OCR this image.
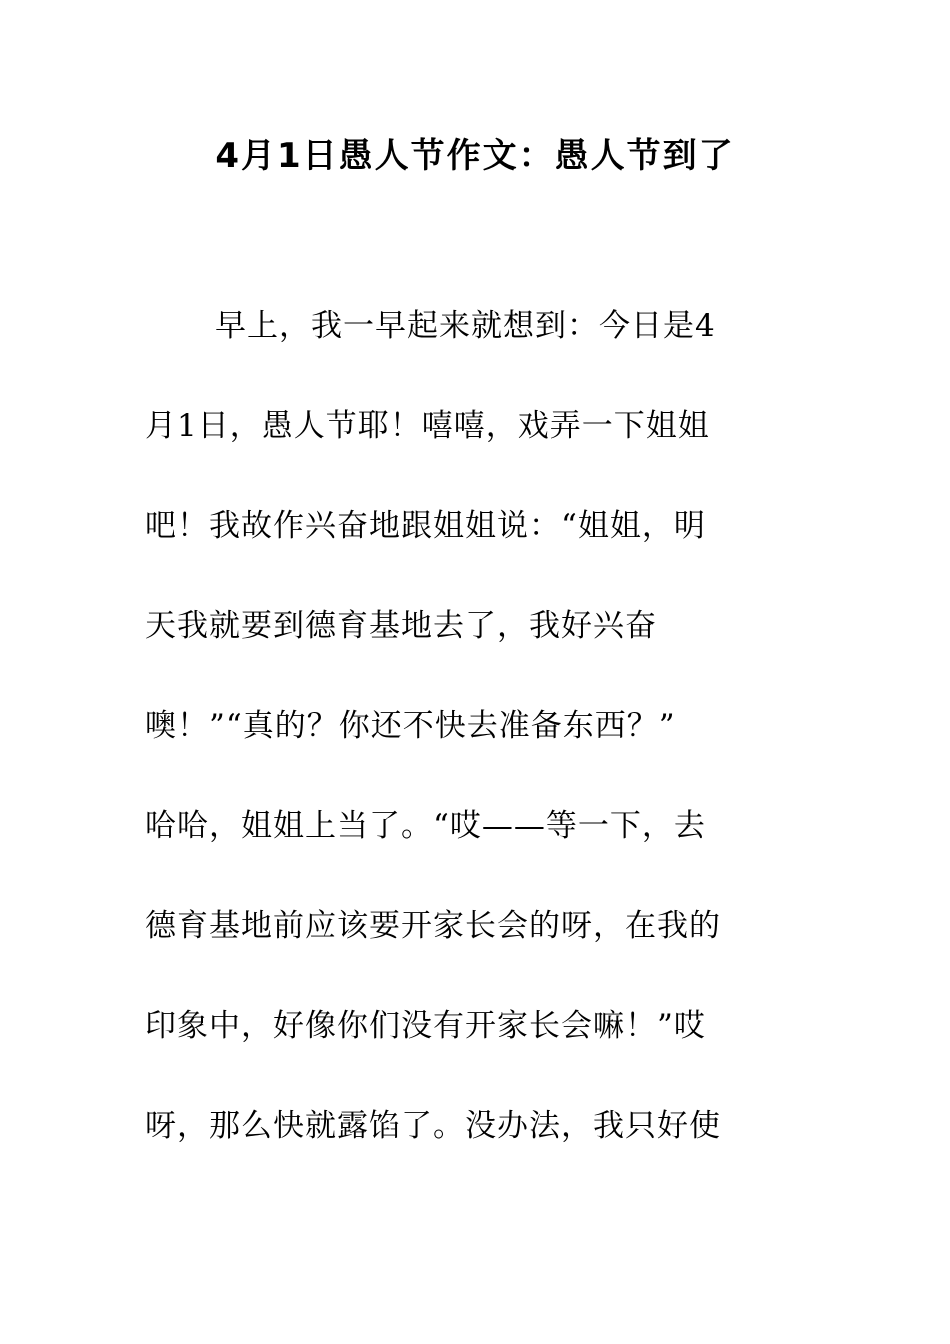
4月1日愚人节作文：愚人节到了
早上，我一早起来就想到：今日是4
月1日，愚人节耶！嘻嘻，戏弄一下姐姐
吧！我故作兴奋地跟姐姐说：“姐姐，明
天我就要到德育基地去了，我好兴奋
噢！”“真的？你还不快去准备东西？”
哈哈，姐姐上当了。“哎——等一下，去
德育基地前应该要开家长会的呀，在我的
印象中，好像你们没有开家长会嘛！”哎
呀，那么快就露馅了。没办法，我只好使
